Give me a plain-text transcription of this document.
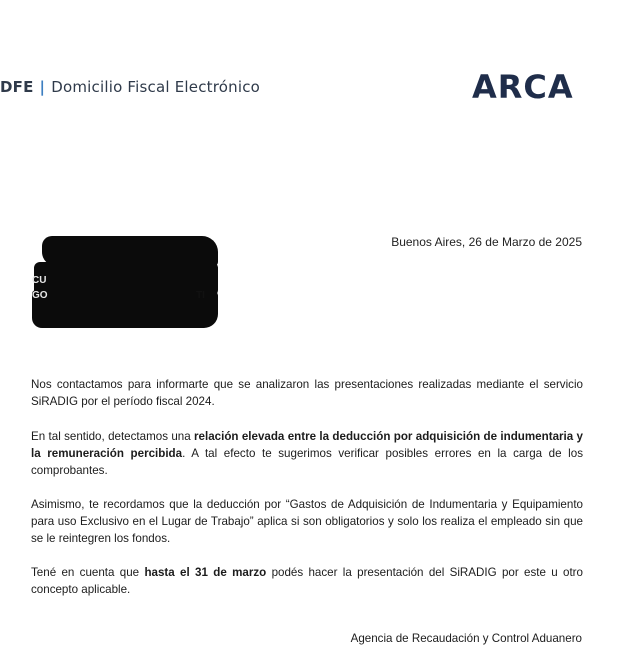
DFE | Domicilio Fiscal Electrónico	ARCA
Buenos Aires, 26 de Marzo de 2025
CU
GO	TI
Nos contactamos para informarte que se analizaron las presentaciones realizadas mediante el servicio SiRADIG por el período fiscal 2024.
En tal sentido, detectamos una relación elevada entre la deducción por adquisición de indumentaria y la remuneración percibida. A tal efecto te sugerimos verificar posibles errores en la carga de los comprobantes.
Asimismo, te recordamos que la deducción por “Gastos de Adquisición de Indumentaria y Equipamiento para uso Exclusivo en el Lugar de Trabajo” aplica si son obligatorios y solo los realiza el empleado sin que se le reintegren los fondos.
Tené en cuenta que hasta el 31 de marzo podés hacer la presentación del SiRADIG por este u otro concepto aplicable.
Agencia de Recaudación y Control Aduanero
